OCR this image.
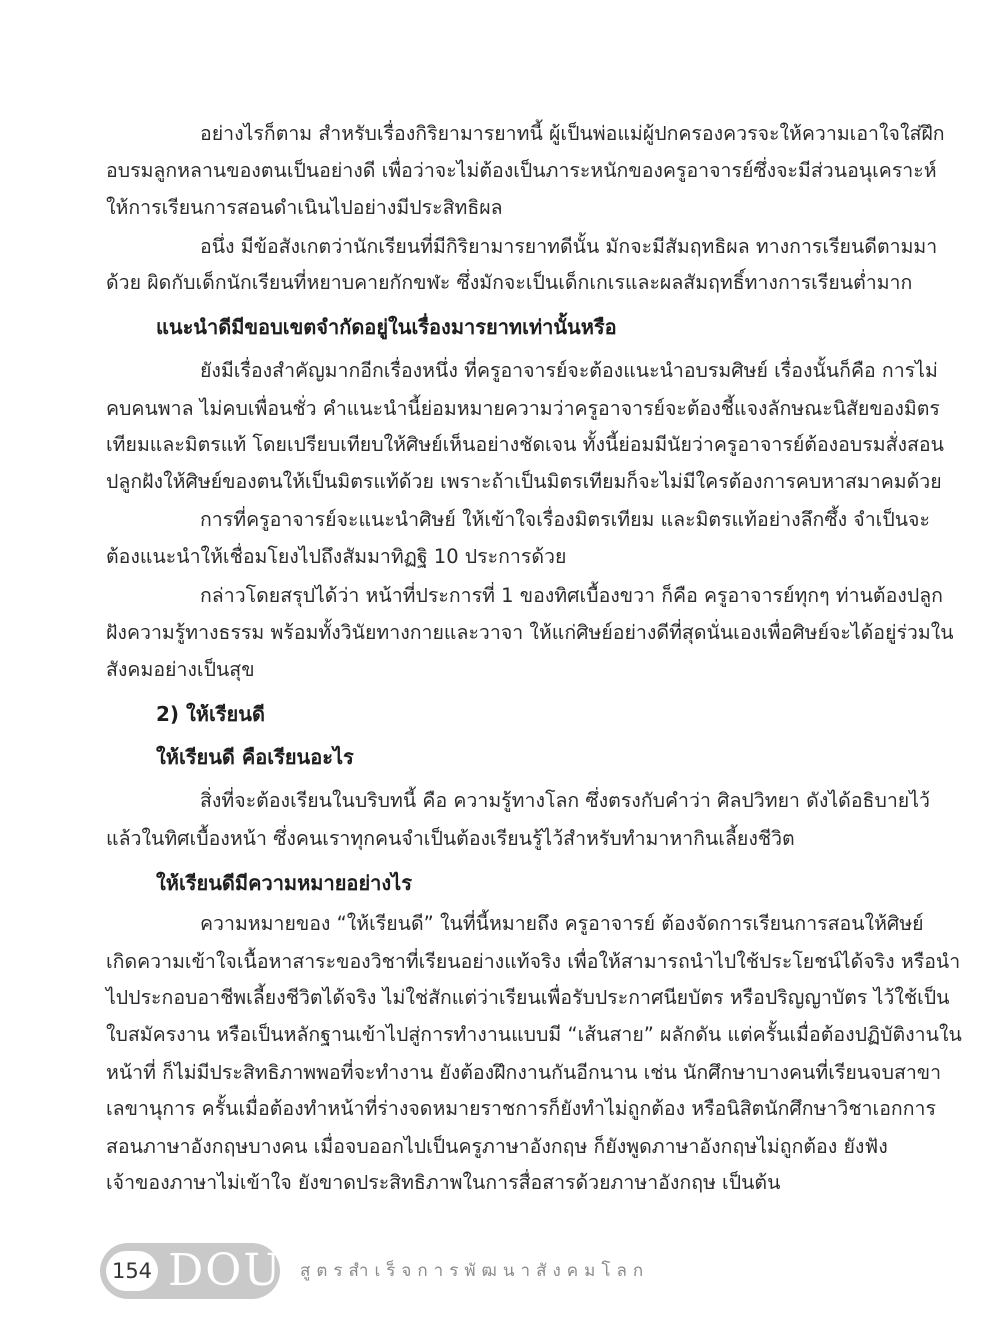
อย่างไรก็ตาม สำหรับเรื่องกิริยามารยาทนี้ ผู้เป็นพ่อแม่ผู้ปกครองควรจะให้ความเอาใจใส่ฝึก
อบรมลูกหลานของตนเป็นอย่างดี เพื่อว่าจะไม่ต้องเป็นภาระหนักของครูอาจารย์ซึ่งจะมีส่วนอนุเคราะห์
ให้การเรียนการสอนดำเนินไปอย่างมีประสิทธิผล
อนึ่ง มีข้อสังเกตว่านักเรียนที่มีกิริยามารยาทดีนั้น มักจะมีสัมฤทธิผล ทางการเรียนดีตามมา
ด้วย ผิดกับเด็กนักเรียนที่หยาบคายกักขฬะ ซึ่งมักจะเป็นเด็กเกเรและผลสัมฤทธิ์ทางการเรียนต่ำมาก
แนะนำดีมีขอบเขตจำกัดอยู่ในเรื่องมารยาทเท่านั้นหรือ
ยังมีเรื่องสำคัญมากอีกเรื่องหนึ่ง ที่ครูอาจารย์จะต้องแนะนำอบรมศิษย์ เรื่องนั้นก็คือ การไม่
คบคนพาล ไม่คบเพื่อนชั่ว คำแนะนำนี้ย่อมหมายความว่าครูอาจารย์จะต้องชี้แจงลักษณะนิสัยของมิตร
เทียมและมิตรแท้ โดยเปรียบเทียบให้ศิษย์เห็นอย่างชัดเจน ทั้งนี้ย่อมมีนัยว่าครูอาจารย์ต้องอบรมสั่งสอน
ปลูกฝังให้ศิษย์ของตนให้เป็นมิตรแท้ด้วย เพราะถ้าเป็นมิตรเทียมก็จะไม่มีใครต้องการคบหาสมาคมด้วย
การที่ครูอาจารย์จะแนะนำศิษย์ ให้เข้าใจเรื่องมิตรเทียม และมิตรแท้อย่างลึกซึ้ง จำเป็นจะ
ต้องแนะนำให้เชื่อมโยงไปถึงสัมมาทิฏฐิ 10 ประการด้วย
กล่าวโดยสรุปได้ว่า หน้าที่ประการที่ 1 ของทิศเบื้องขวา ก็คือ ครูอาจารย์ทุกๆ ท่านต้องปลูก
ฝังความรู้ทางธรรม พร้อมทั้งวินัยทางกายและวาจา ให้แก่ศิษย์อย่างดีที่สุดนั่นเองเพื่อศิษย์จะได้อยู่ร่วมใน
สังคมอย่างเป็นสุข
2) ให้เรียนดี
ให้เรียนดี คือเรียนอะไร
สิ่งที่จะต้องเรียนในบริบทนี้ คือ ความรู้ทางโลก ซึ่งตรงกับคำว่า ศิลปวิทยา ดังได้อธิบายไว้
แล้วในทิศเบื้องหน้า ซึ่งคนเราทุกคนจำเป็นต้องเรียนรู้ไว้สำหรับทำมาหากินเลี้ยงชีวิต
ให้เรียนดีมีความหมายอย่างไร
ความหมายของ “ให้เรียนดี” ในที่นี้หมายถึง ครูอาจารย์ ต้องจัดการเรียนการสอนให้ศิษย์
เกิดความเข้าใจเนื้อหาสาระของวิชาที่เรียนอย่างแท้จริง เพื่อให้สามารถนำไปใช้ประโยชน์ได้จริง หรือนำ
ไปประกอบอาชีพเลี้ยงชีวิตได้จริง ไม่ใช่สักแต่ว่าเรียนเพื่อรับประกาศนียบัตร หรือปริญญาบัตร ไว้ใช้เป็น
ใบสมัครงาน หรือเป็นหลักฐานเข้าไปสู่การทำงานแบบมี “เส้นสาย” ผลักดัน แต่ครั้นเมื่อต้องปฏิบัติงานใน
หน้าที่ ก็ไม่มีประสิทธิภาพพอที่จะทำงาน ยังต้องฝึกงานกันอีกนาน เช่น นักศึกษาบางคนที่เรียนจบสาขา
เลขานุการ ครั้นเมื่อต้องทำหน้าที่ร่างจดหมายราชการก็ยังทำไม่ถูกต้อง หรือนิสิตนักศึกษาวิชาเอกการ
สอนภาษาอังกฤษบางคน เมื่อจบออกไปเป็นครูภาษาอังกฤษ ก็ยังพูดภาษาอังกฤษไม่ถูกต้อง ยังฟัง
เจ้าของภาษาไม่เข้าใจ ยังขาดประสิทธิภาพในการสื่อสารด้วยภาษาอังกฤษ เป็นต้น
154 DOU สูตรสำเร็จการพัฒนาสังคมโลก
